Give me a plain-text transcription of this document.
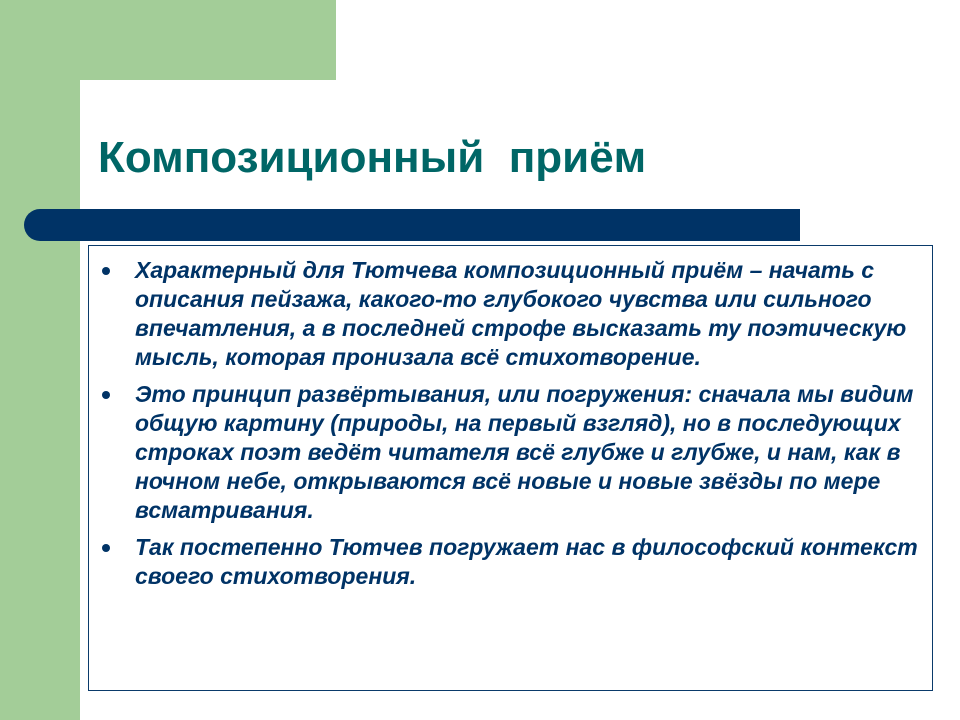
Композиционный  приём
Характерный для Тютчева композиционный приём – начать с описания пейзажа, какого-то глубокого чувства или сильного впечатления, а в последней строфе высказать ту поэтическую мысль, которая пронизала всё стихотворение.
Это принцип развёртывания, или погружения: сначала мы видим общую картину (природы, на первый взгляд), но в последующих строках поэт ведёт читателя всё глубже и глубже, и нам, как в ночном небе, открываются всё новые и новые звёзды по мере всматривания.
Так постепенно Тютчев погружает нас в философский контекст своего стихотворения.
